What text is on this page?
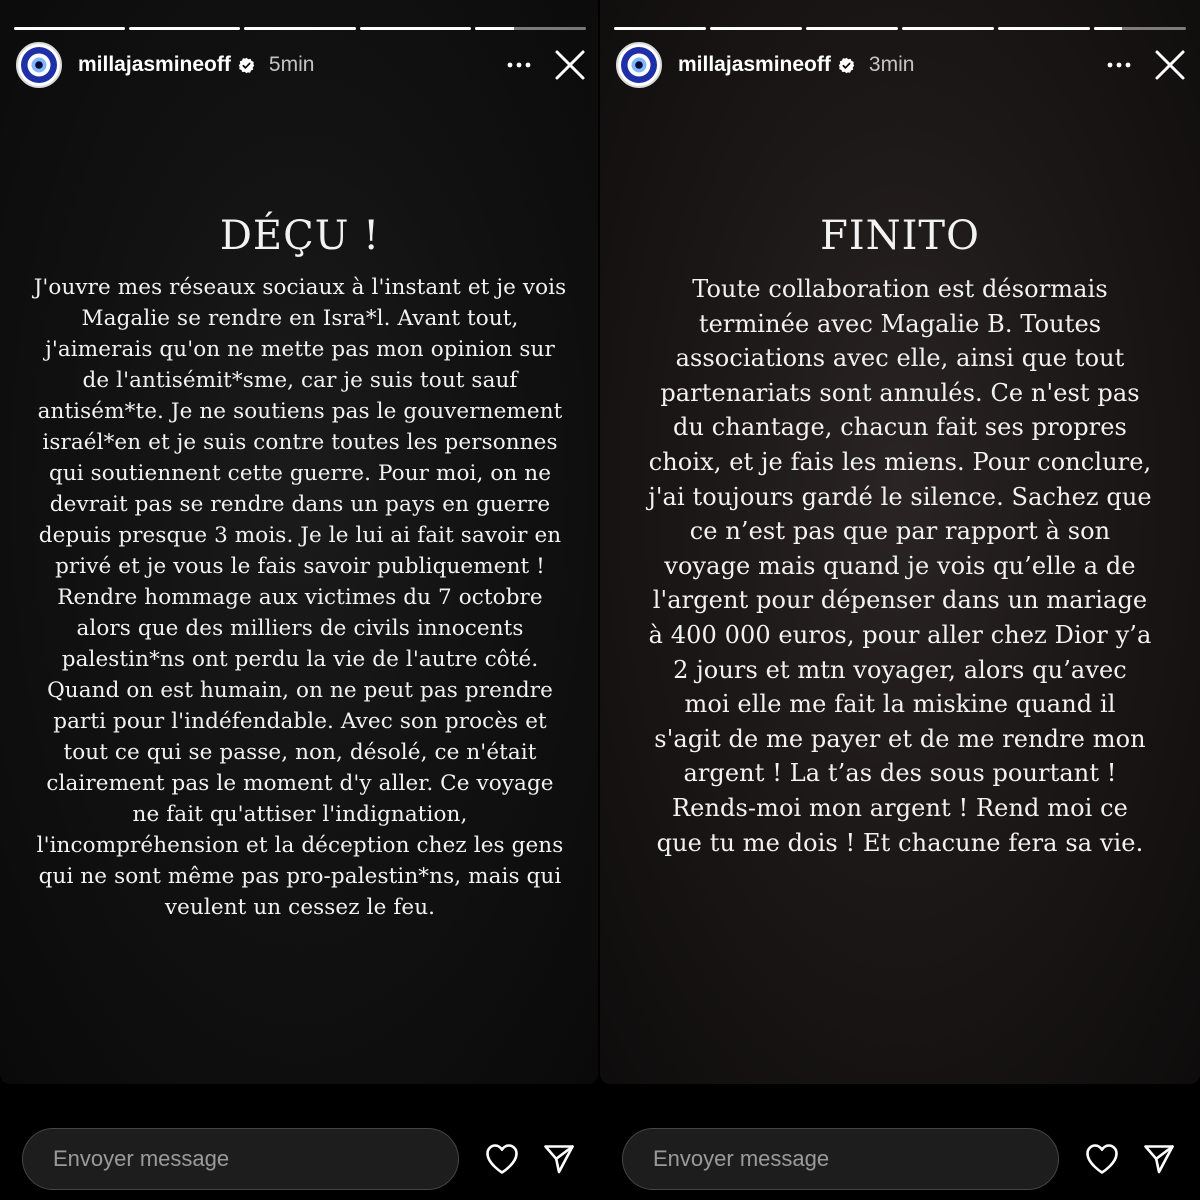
millajasmineoff 5min
DÉÇU !
J'ouvre mes réseaux sociaux à l'instant et je vois Magalie se rendre en Isra*l. Avant tout, j'aimerais qu'on ne mette pas mon opinion sur de l'antisémit*sme, car je suis tout sauf antisém*te. Je ne soutiens pas le gouvernement israél*en et je suis contre toutes les personnes qui soutiennent cette guerre. Pour moi, on ne devrait pas se rendre dans un pays en guerre depuis presque 3 mois. Je le lui ai fait savoir en privé et je vous le fais savoir publiquement ! Rendre hommage aux victimes du 7 octobre alors que des milliers de civils innocents palestin*ns ont perdu la vie de l'autre côté. Quand on est humain, on ne peut pas prendre parti pour l'indéfendable. Avec son procès et tout ce qui se passe, non, désolé, ce n'était clairement pas le moment d'y aller. Ce voyage ne fait qu'attiser l'indignation, l'incompréhension et la déception chez les gens qui ne sont même pas pro-palestin*ns, mais qui veulent un cessez le feu.
Envoyer message
millajasmineoff 3min
FINITO
Toute collaboration est désormais terminée avec Magalie B. Toutes associations avec elle, ainsi que tout partenariats sont annulés. Ce n'est pas du chantage, chacun fait ses propres choix, et je fais les miens. Pour conclure, j'ai toujours gardé le silence. Sachez que ce n’est pas que par rapport à son voyage mais quand je vois qu’elle a de l'argent pour dépenser dans un mariage à 400 000 euros, pour aller chez Dior y’a 2 jours et mtn voyager, alors qu’avec moi elle me fait la miskine quand il s'agit de me payer et de me rendre mon argent ! La t’as des sous pourtant ! Rends-moi mon argent ! Rend moi ce que tu me dois ! Et chacune fera sa vie.
Envoyer message
